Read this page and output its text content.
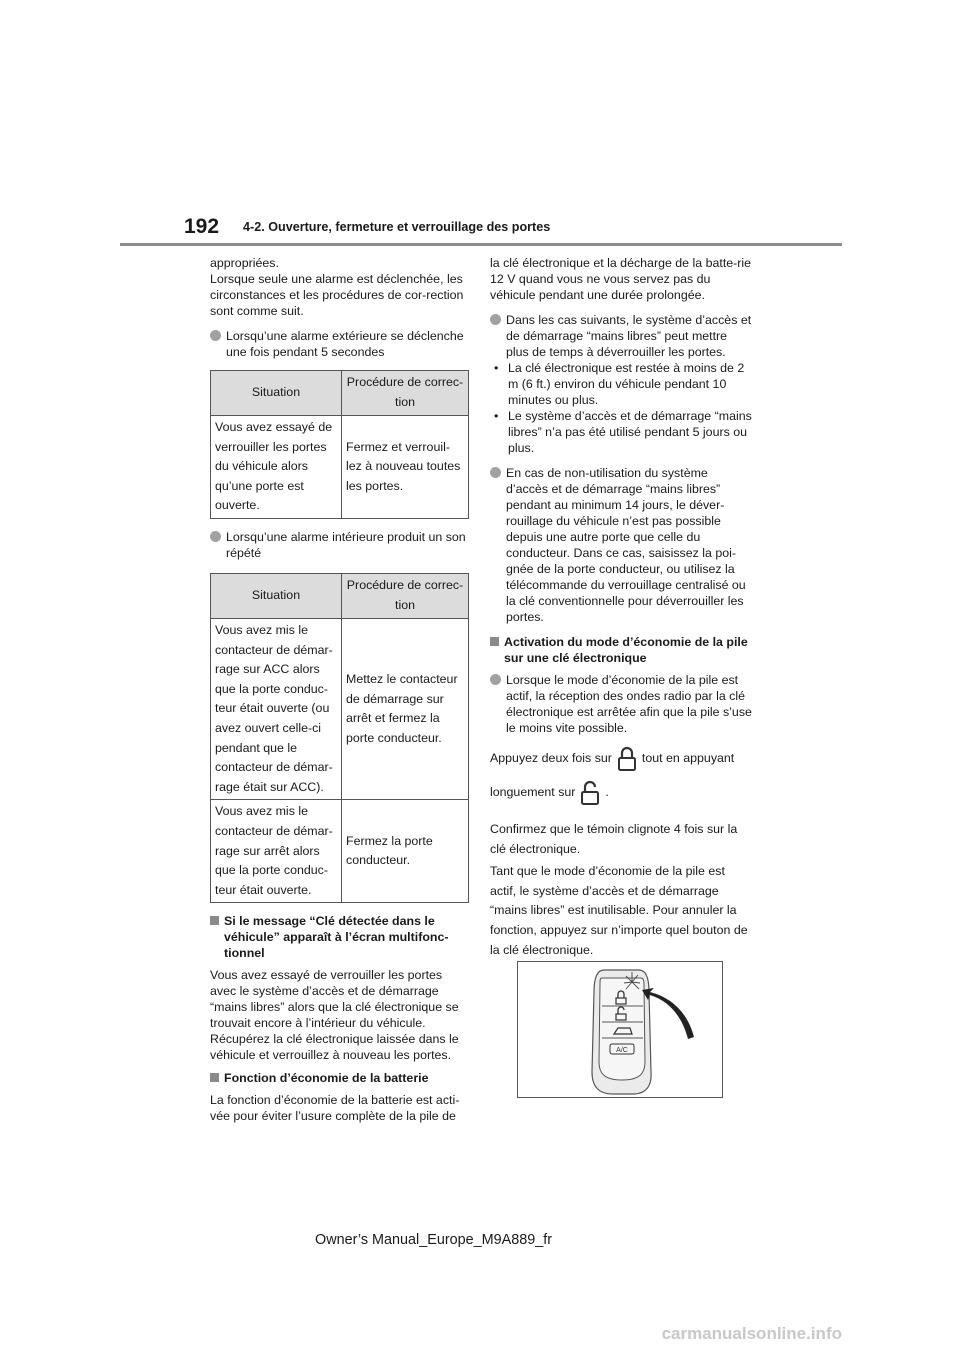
192 4-2. Ouverture, fermeture et verrouillage des portes

appropriées.

Lorsque seule une alarme est déclenchée, les circonstances et les procédures de cor-rection sont comme suit.

Lorsqu’une alarme extérieure se déclenche une fois pendant 5 secondes
Situation	Procédure de correc-tion
Vous avez essayé de verrouiller les portes du véhicule alors qu’une porte est ouverte.	Fermez et verrouil-lez à nouveau toutes les portes.
Lorsqu’une alarme intérieure produit un son répété
Situation	Procédure de correc-tion
Vous avez mis le contacteur de démar-rage sur ACC alors que la porte conduc-teur était ouverte (ou avez ouvert celle-ci pendant que le contacteur de démar-rage était sur ACC).	Mettez le contacteur de démarrage sur arrêt et fermez la porte conducteur.
Vous avez mis le contacteur de démar-rage sur arrêt alors que la porte conduc-teur était ouverte.	Fermez la porte conducteur.
Si le message “Clé détectée dans le véhicule” apparaît à l’écran multifonc-tionnel

Vous avez essayé de verrouiller les portes avec le système d’accès et de démarrage “mains libres” alors que la clé électronique se trouvait encore à l’intérieur du véhicule. Récupérez la clé électronique laissée dans le véhicule et verrouillez à nouveau les portes.

Fonction d’économie de la batterie

La fonction d’économie de la batterie est acti-vée pour éviter l’usure complète de la pile de

la clé électronique et la décharge de la batte-rie 12 V quand vous ne vous servez pas du véhicule pendant une durée prolongée.

Dans les cas suivants, le système d’accès et de démarrage “mains libres” peut mettre plus de temps à déverrouiller les portes.
• La clé électronique est restée à moins de 2 m (6 ft.) environ du véhicule pendant 10 minutes ou plus.
• Le système d’accès et de démarrage “mains libres” n’a pas été utilisé pendant 5 jours ou plus.
En cas de non-utilisation du système d’accès et de démarrage “mains libres” pendant au minimum 14 jours, le déver-rouillage du véhicule n’est pas possible depuis une autre porte que celle du conducteur. Dans ce cas, saisissez la poi-gnée de la porte conducteur, ou utilisez la télécommande du verrouillage centralisé ou la clé conventionnelle pour déverrouiller les portes.
Activation du mode d’économie de la pile sur une clé électronique
Lorsque le mode d’économie de la pile est actif, la réception des ondes radio par la clé électronique est arrêtée afin que la pile s’use le moins vite possible.
Appuyez deux fois sur tout en appuyant
longuement sur .

Confirmez que le témoin clignote 4 fois sur la clé électronique.

Tant que le mode d’économie de la pile est actif, le système d’accès et de démarrage “mains libres” est inutilisable. Pour annuler la fonction, appuyez sur n’importe quel bouton de la clé électronique.

A/C
Owner’s Manual_Europe_M9A889_fr
carmanualsonline.info
